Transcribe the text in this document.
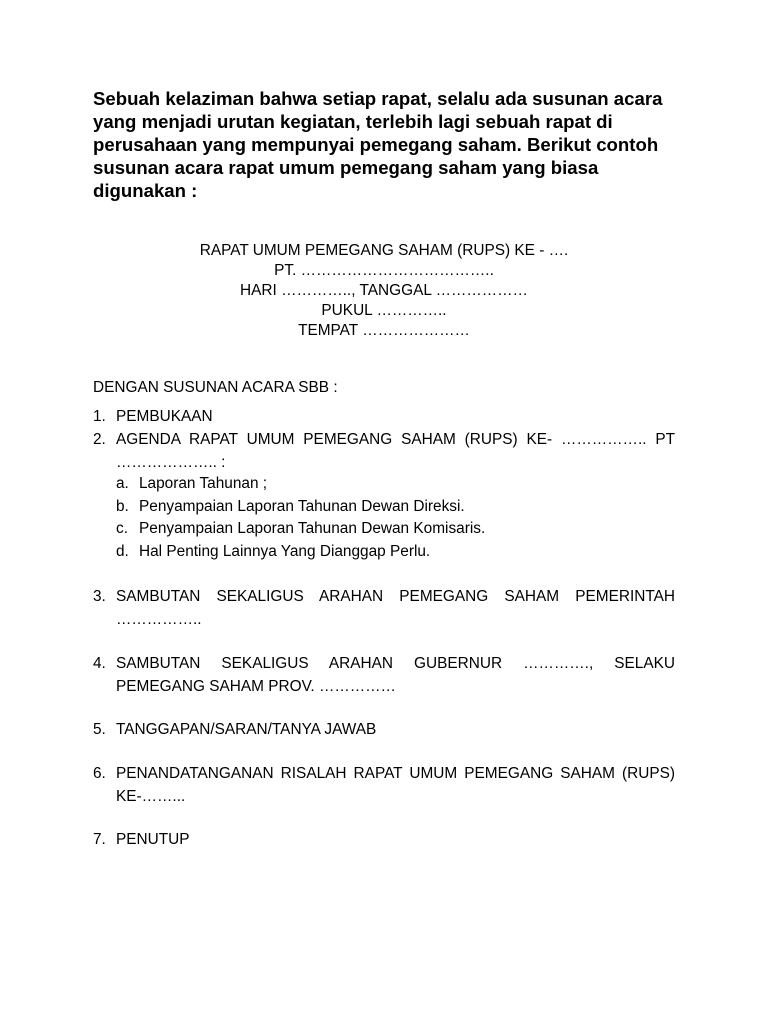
Sebuah kelaziman bahwa setiap rapat, selalu ada susunan acara yang menjadi urutan kegiatan, terlebih lagi sebuah rapat di perusahaan yang mempunyai pemegang saham. Berikut contoh susunan acara rapat umum pemegang saham yang biasa digunakan :

RAPAT UMUM PEMEGANG SAHAM (RUPS) KE - ….
PT. ………………………………..
HARI ………….., TANGGAL ………………
PUKUL …………..
TEMPAT …………………

DENGAN SUSUNAN ACARA SBB :

1. PEMBUKAAN
2. AGENDA RAPAT UMUM PEMEGANG SAHAM (RUPS) KE- …………….. PT ……………….. :
a. Laporan Tahunan ;
b. Penyampaian Laporan Tahunan Dewan Direksi.
c. Penyampaian Laporan Tahunan Dewan Komisaris.
d. Hal Penting Lainnya Yang Dianggap Perlu.
3. SAMBUTAN SEKALIGUS ARAHAN PEMEGANG SAHAM PEMERINTAH ……………..
4. SAMBUTAN SEKALIGUS ARAHAN GUBERNUR …………., SELAKU PEMEGANG SAHAM PROV. ……………
5. TANGGAPAN/SARAN/TANYA JAWAB
6. PENANDATANGANAN RISALAH RAPAT UMUM PEMEGANG SAHAM (RUPS) KE-……...
7. PENUTUP
